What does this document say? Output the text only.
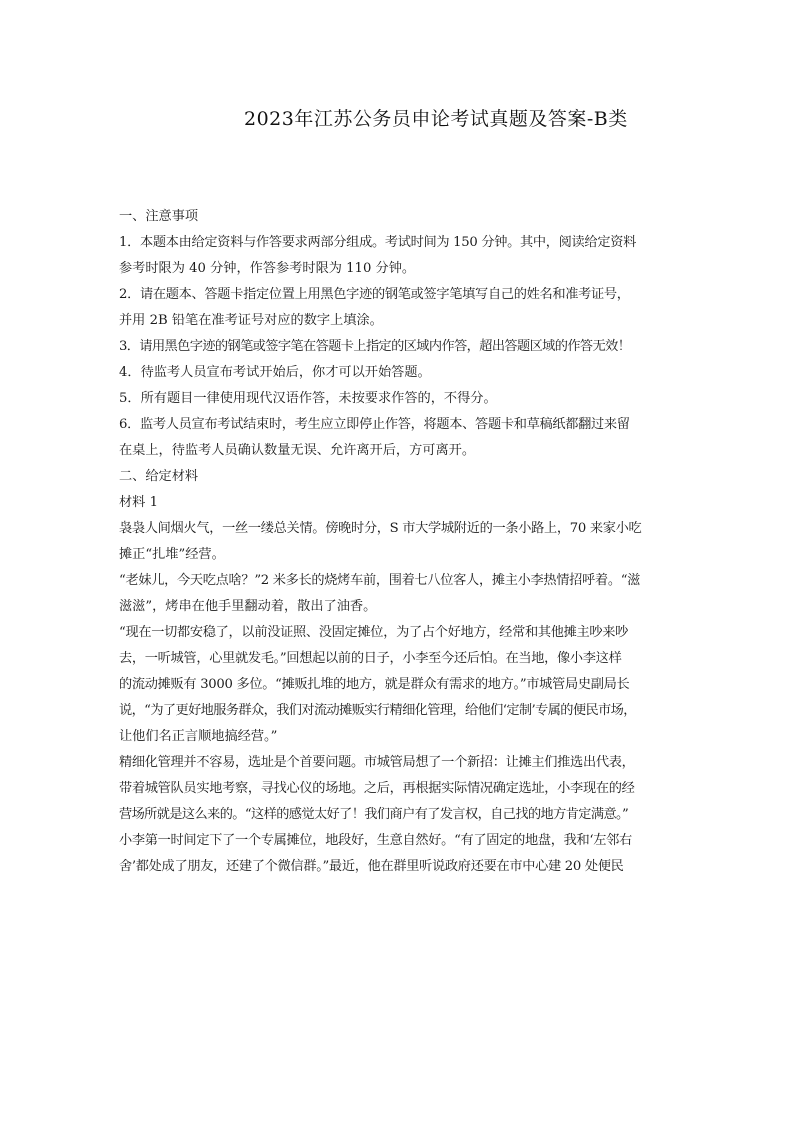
2023年江苏公务员申论考试真题及答案-B类
一、注意事项
1．本题本由给定资料与作答要求两部分组成。考试时间为 150 分钟。其中，阅读给定资料
参考时限为 40 分钟，作答参考时限为 110 分钟。
2．请在题本、答题卡指定位置上用黑色字迹的钢笔或签字笔填写自己的姓名和准考证号，
并用 2B 铅笔在准考证号对应的数字上填涂。
3．请用黑色字迹的钢笔或签字笔在答题卡上指定的区域内作答，超出答题区域的作答无效！
4．待监考人员宣布考试开始后，你才可以开始答题。
5．所有题目一律使用现代汉语作答，未按要求作答的，不得分。
6．监考人员宣布考试结束时，考生应立即停止作答，将题本、答题卡和草稿纸都翻过来留
在桌上，待监考人员确认数量无误、允许离开后，方可离开。
二、给定材料
材料 1
袅袅人间烟火气，一丝一缕总关情。傍晚时分，S 市大学城附近的一条小路上，70 来家小吃
摊正“扎堆”经营。
“老妹儿，今天吃点啥？”2 米多长的烧烤车前，围着七八位客人，摊主小李热情招呼着。“滋
滋滋”，烤串在他手里翻动着，散出了油香。
“现在一切都安稳了，以前没证照、没固定摊位，为了占个好地方，经常和其他摊主吵来吵
去，一听城管，心里就发毛。”回想起以前的日子，小李至今还后怕。在当地，像小李这样
的流动摊贩有 3000 多位。“摊贩扎堆的地方，就是群众有需求的地方。”市城管局史副局长
说，“为了更好地服务群众，我们对流动摊贩实行精细化管理，给他们‘定制’专属的便民市场，
让他们名正言顺地搞经营。”
精细化管理并不容易，选址是个首要问题。市城管局想了一个新招：让摊主们推选出代表，
带着城管队员实地考察，寻找心仪的场地。之后，再根据实际情况确定选址，小李现在的经
营场所就是这么来的。“这样的感觉太好了！我们商户有了发言权，自己找的地方肯定满意。”
小李第一时间定下了一个专属摊位，地段好，生意自然好。“有了固定的地盘，我和‘左邻右
舍’都处成了朋友，还建了个微信群。”最近，他在群里听说政府还要在市中心建 20 处便民
